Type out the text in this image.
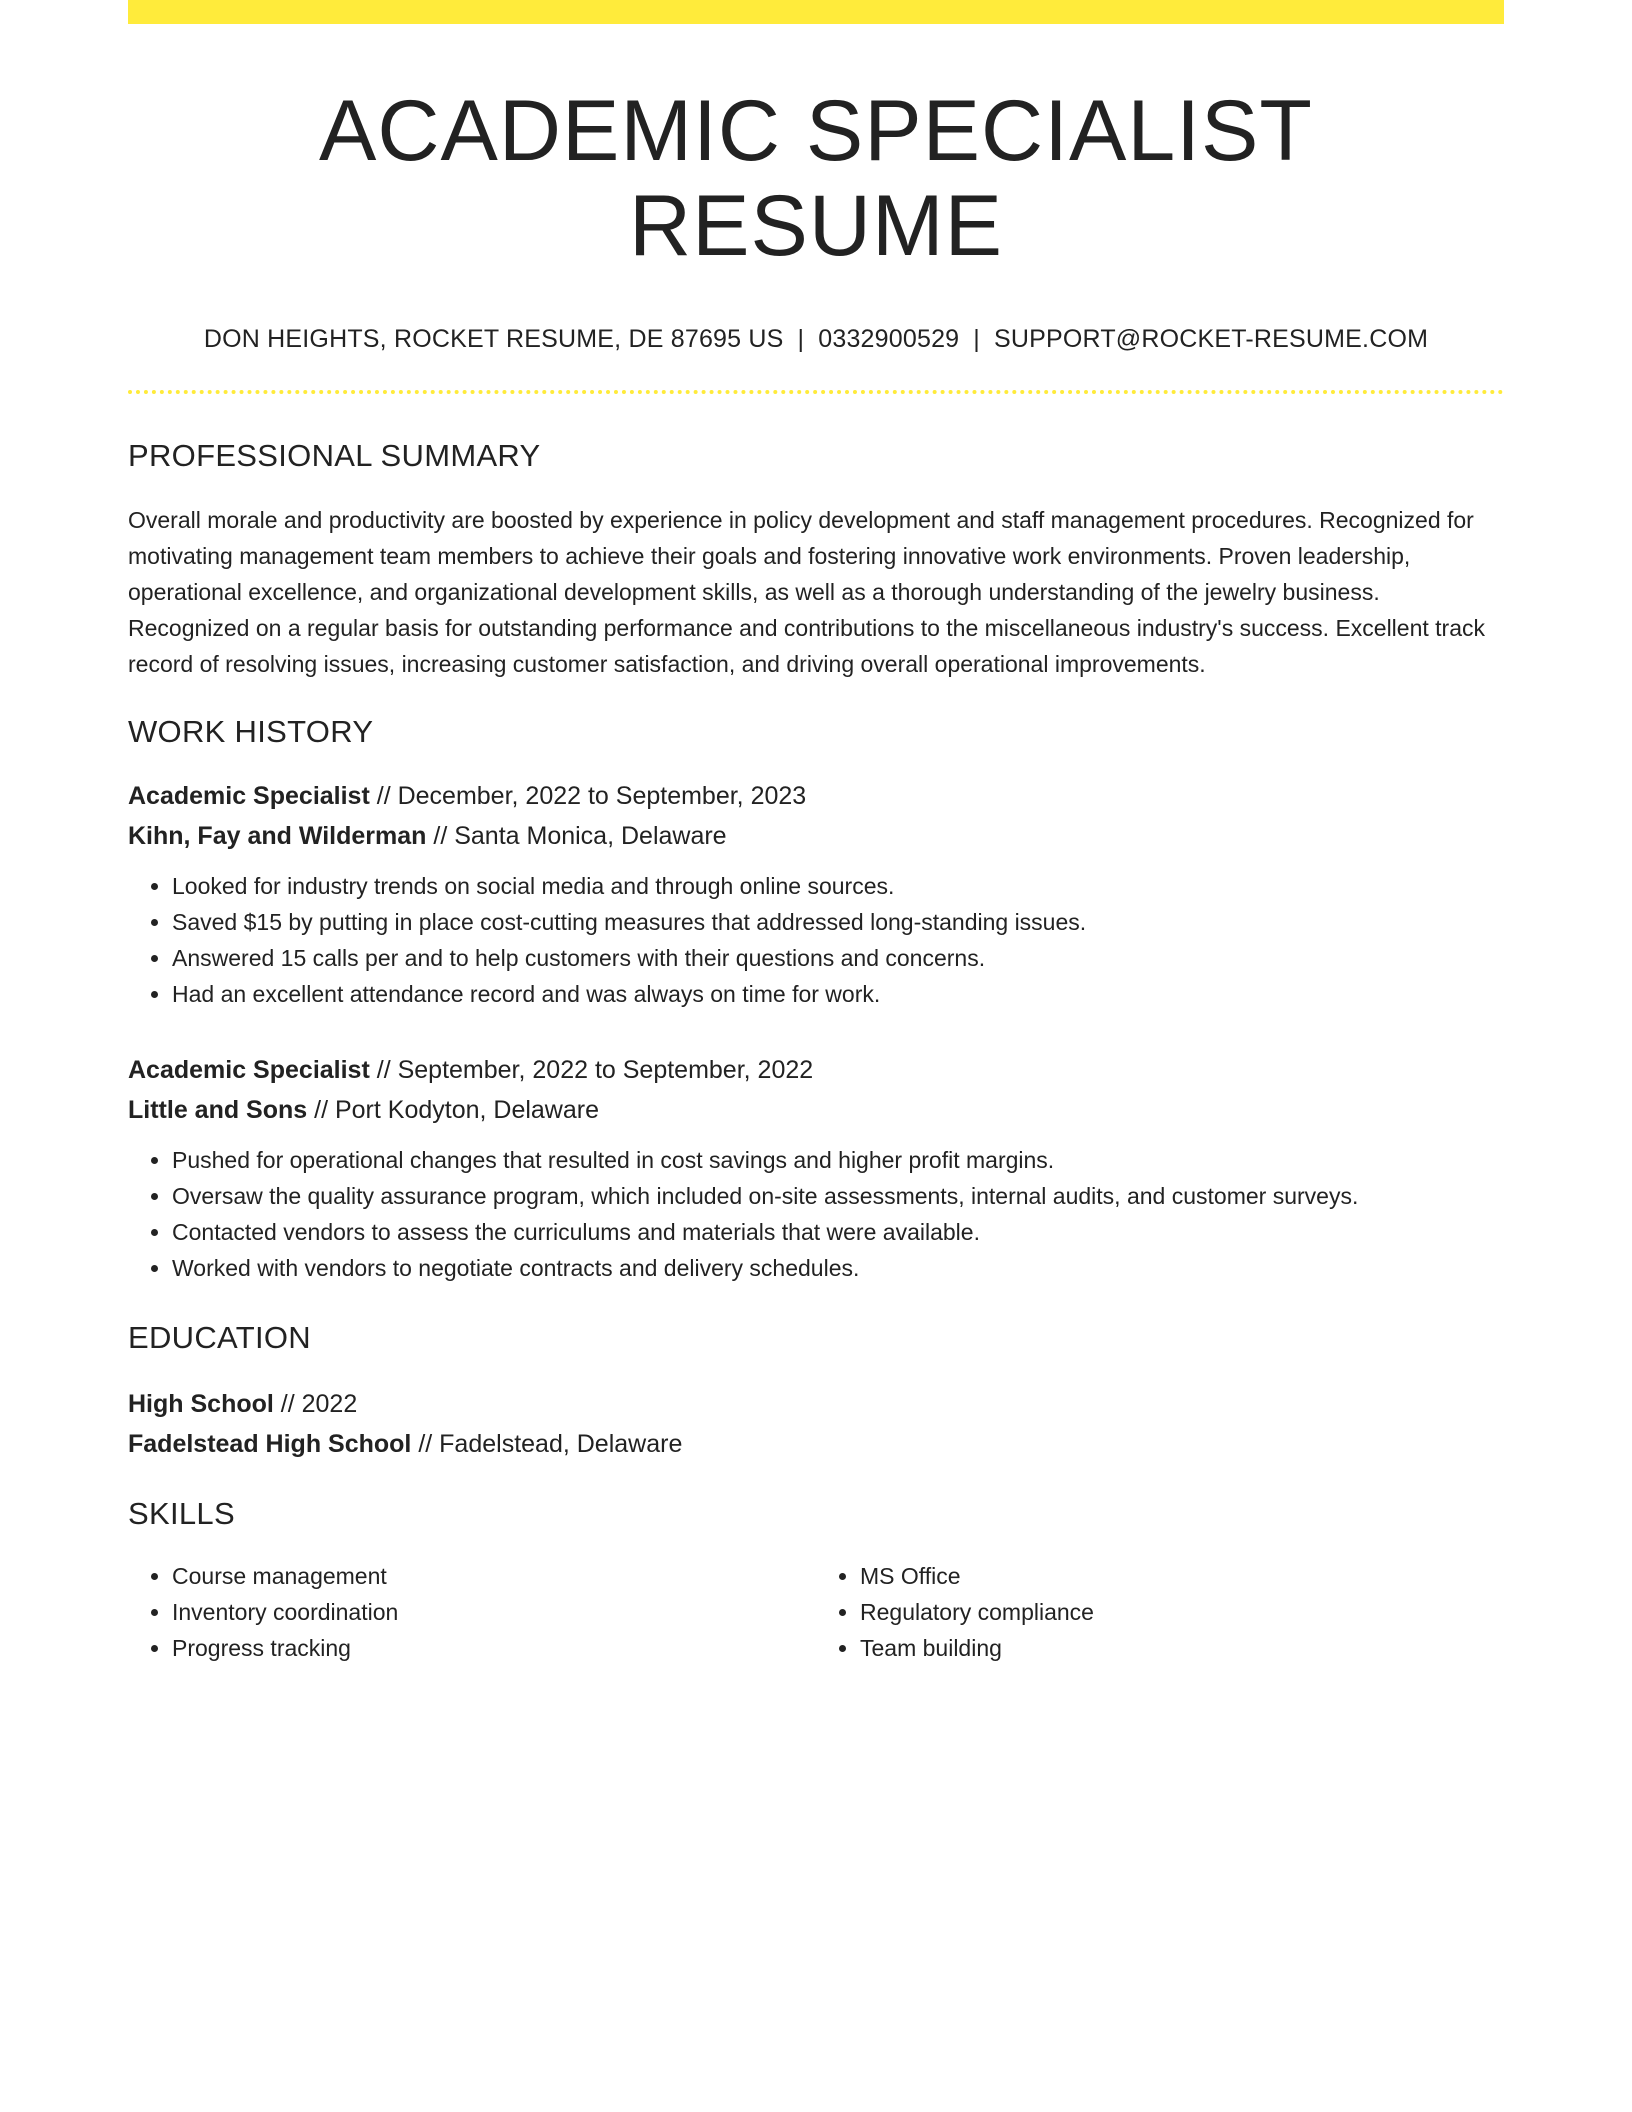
ACADEMIC SPECIALIST RESUME
DON HEIGHTS, ROCKET RESUME, DE 87695 US | 0332900529 | SUPPORT@ROCKET-RESUME.COM
PROFESSIONAL SUMMARY
Overall morale and productivity are boosted by experience in policy development and staff management procedures. Recognized for motivating management team members to achieve their goals and fostering innovative work environments. Proven leadership, operational excellence, and organizational development skills, as well as a thorough understanding of the jewelry business. Recognized on a regular basis for outstanding performance and contributions to the miscellaneous industry's success. Excellent track record of resolving issues, increasing customer satisfaction, and driving overall operational improvements.
WORK HISTORY
Academic Specialist // December, 2022 to September, 2023
Kihn, Fay and Wilderman // Santa Monica, Delaware
• Looked for industry trends on social media and through online sources.
• Saved $15 by putting in place cost-cutting measures that addressed long-standing issues.
• Answered 15 calls per and to help customers with their questions and concerns.
• Had an excellent attendance record and was always on time for work.
Academic Specialist // September, 2022 to September, 2022
Little and Sons // Port Kodyton, Delaware
• Pushed for operational changes that resulted in cost savings and higher profit margins.
• Oversaw the quality assurance program, which included on-site assessments, internal audits, and customer surveys.
• Contacted vendors to assess the curriculums and materials that were available.
• Worked with vendors to negotiate contracts and delivery schedules.
EDUCATION
High School // 2022
Fadelstead High School // Fadelstead, Delaware
SKILLS
• Course management
• Inventory coordination
• Progress tracking
• MS Office
• Regulatory compliance
• Team building
